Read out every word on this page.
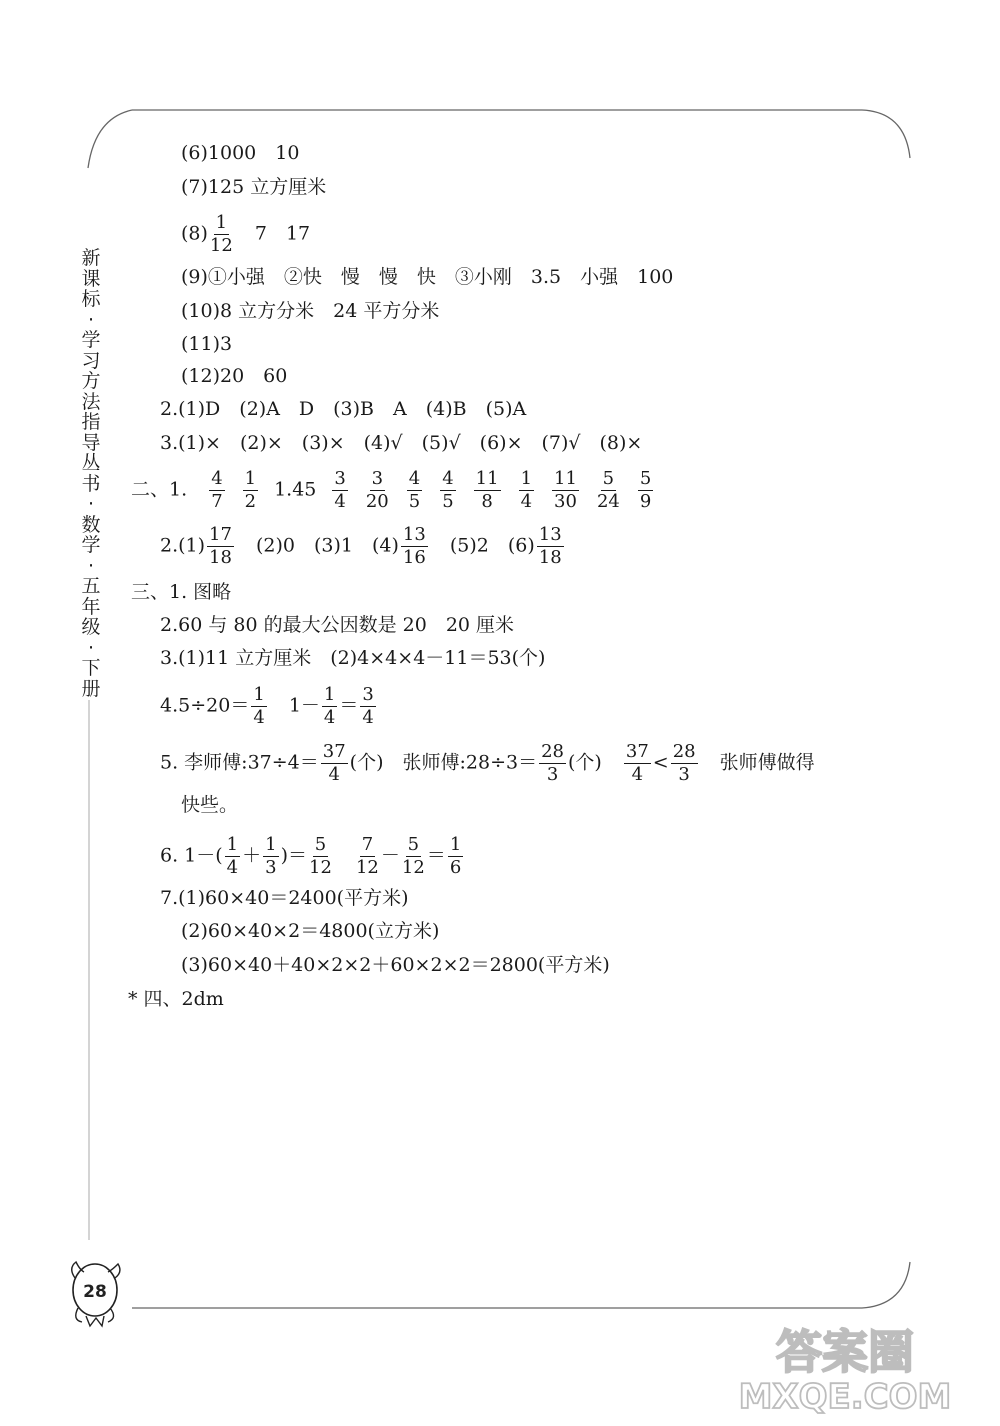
新
课
标
·
学
习
方
法
指
导
丛
书
·
数
学
·
五
年
级
·
下
册
(6)1000　10
(7)125 立方厘米
$(8) \frac{1}{12} 7$　17
(9)①小强　②快　慢　慢　快　③小刚　3.5　小强　100
(10)8 立方分米　24 平方分米
(11)3
(12)20　60
2.(1)D　(2)A　D　(3)B　A　(4)B　(5)A
3.(1)×　(2)×　(3)×　(4)√　(5)√　(6)×　(7)√　(8)×
二、1. $\frac{4}{7} \frac{1}{2} 1.45 \frac{3}{4} \frac{3}{20} \frac{4}{5} \frac{4}{5} \frac{11}{8} \frac{1}{4} \frac{11}{30} \frac{5}{24} \frac{5}{9}$
$2.(1) \frac{17}{18} (2)0$　(3)1　$(4) \frac{13}{16} (5)2$　$(6) \frac{13}{18}$
三、1. 图略
2.60 与 80 的最大公因数是 20　20 厘米
3.(1)11 立方厘米　(2)4×4×4－11＝53(个)
$4.5\div 20= \frac{1}{4} 1- \frac{1}{4} = \frac{3}{4}$
5. 李师傅:37÷4＝ $\frac{37}{4}$ (个)　张师傅:28÷3＝ $\frac{28}{3}$ (个) $\frac{37}{4} < \frac{28}{3}$ 张师傅做得
快些。
6. $1-( \frac{1}{4} + \frac{1}{3}$ )＝ $\frac{5}{12}$
$\frac{7}{12} - \frac{5}{12} = \frac{1}{6}$
7.(1)60×40＝2400(平方米)
(2)60×40×2＝4800(立方米)
(3)60×40＋40×2×2＋60×2×2＝2800(平方米)
* 四、2dm
28
答案圈
MXQE.COM
